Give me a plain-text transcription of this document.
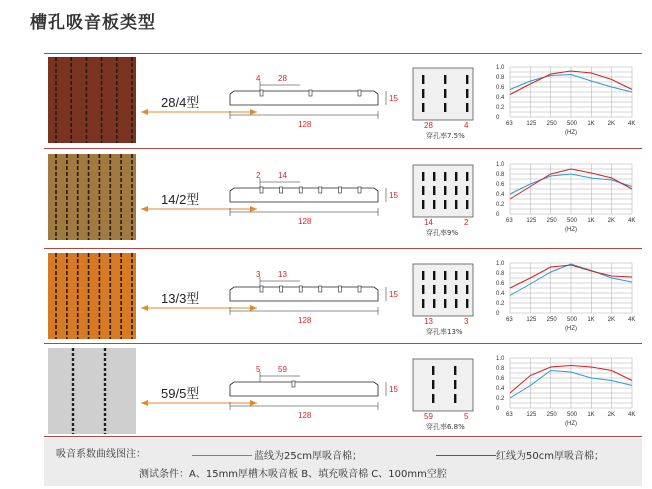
槽孔吸音板类型
28/4型
4 28
15
128	28	4
穿孔率7.5%
1.0
0.8
0.6
0.4
0.2
0
63 125 250 500 1K 2K 4K
(HZ)
14/2型
2 14
15
128	14	2
穿孔率9%
1.0
0.8
0.6
0.4
0.2
0
63 125 250 500 1K 2K 4K
(HZ)
13/3型
3 13
15
128	13	3
穿孔率13%
1.0
0.8
0.6
0.4
0.2
0
63 125 250 500 1K 2K 4K
(HZ)
59/5型
5 59
15
128	59	5
穿孔率6.8%
1.0
0.8
0.6
0.4
0.2
0
63 125 250 500 1K 2K 4K
(HZ)
吸音系数曲线图注：	蓝线为25cm厚吸音棉；	红线为50cm厚吸音棉；
测试条件：A、15mm厚槽木吸音板 B、填充吸音棉 C、100mm空腔
